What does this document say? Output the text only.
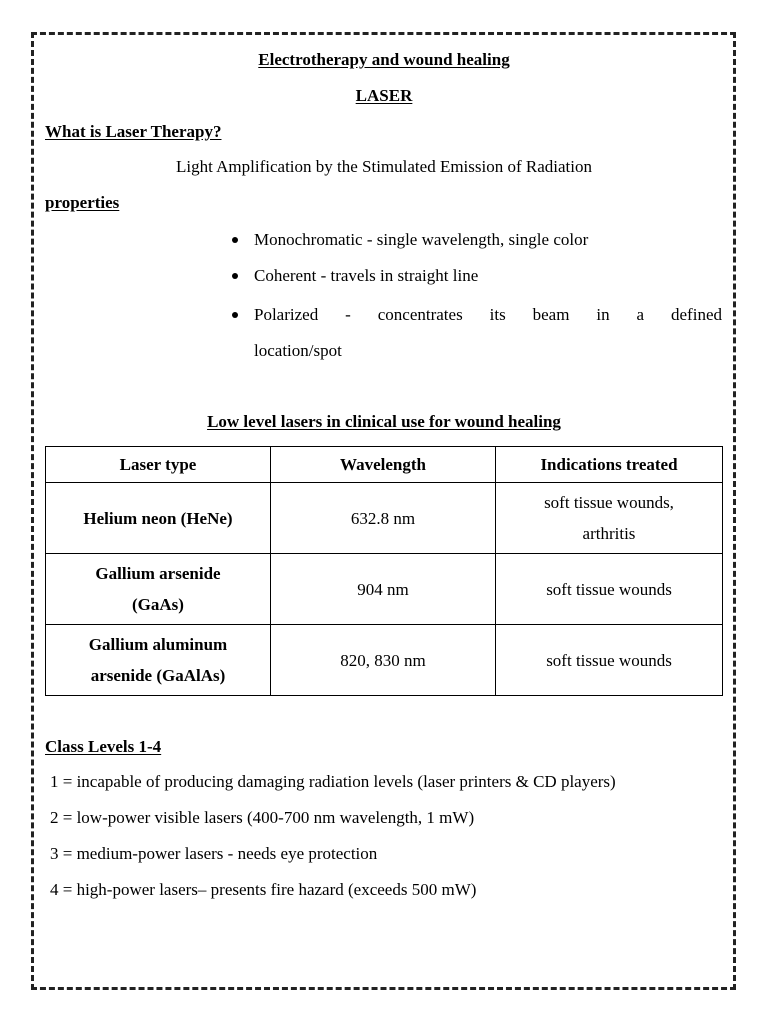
Electrotherapy and wound healing
LASER
What is Laser Therapy?
Light Amplification by the Stimulated Emission of Radiation
properties
Monochromatic - single wavelength, single color
Coherent - travels in straight line
Polarized - concentrates its beam in a defined
location/spot
Low level lasers in clinical use for wound healing
Laser type	Wavelength	Indications treated
Helium neon (HeNe)	632.8 nm	soft tissue wounds,
arthritis
Gallium arsenide
(GaAs)	904 nm	soft tissue wounds
Gallium aluminum
arsenide (GaAlAs)	820, 830 nm	soft tissue wounds
Class Levels 1-4
1 = incapable of producing damaging radiation levels (laser printers & CD players)
2 = low-power visible lasers (400-700 nm wavelength, 1 mW)
3 = medium-power lasers - needs eye protection
4 = high-power lasers– presents fire hazard (exceeds 500 mW)
